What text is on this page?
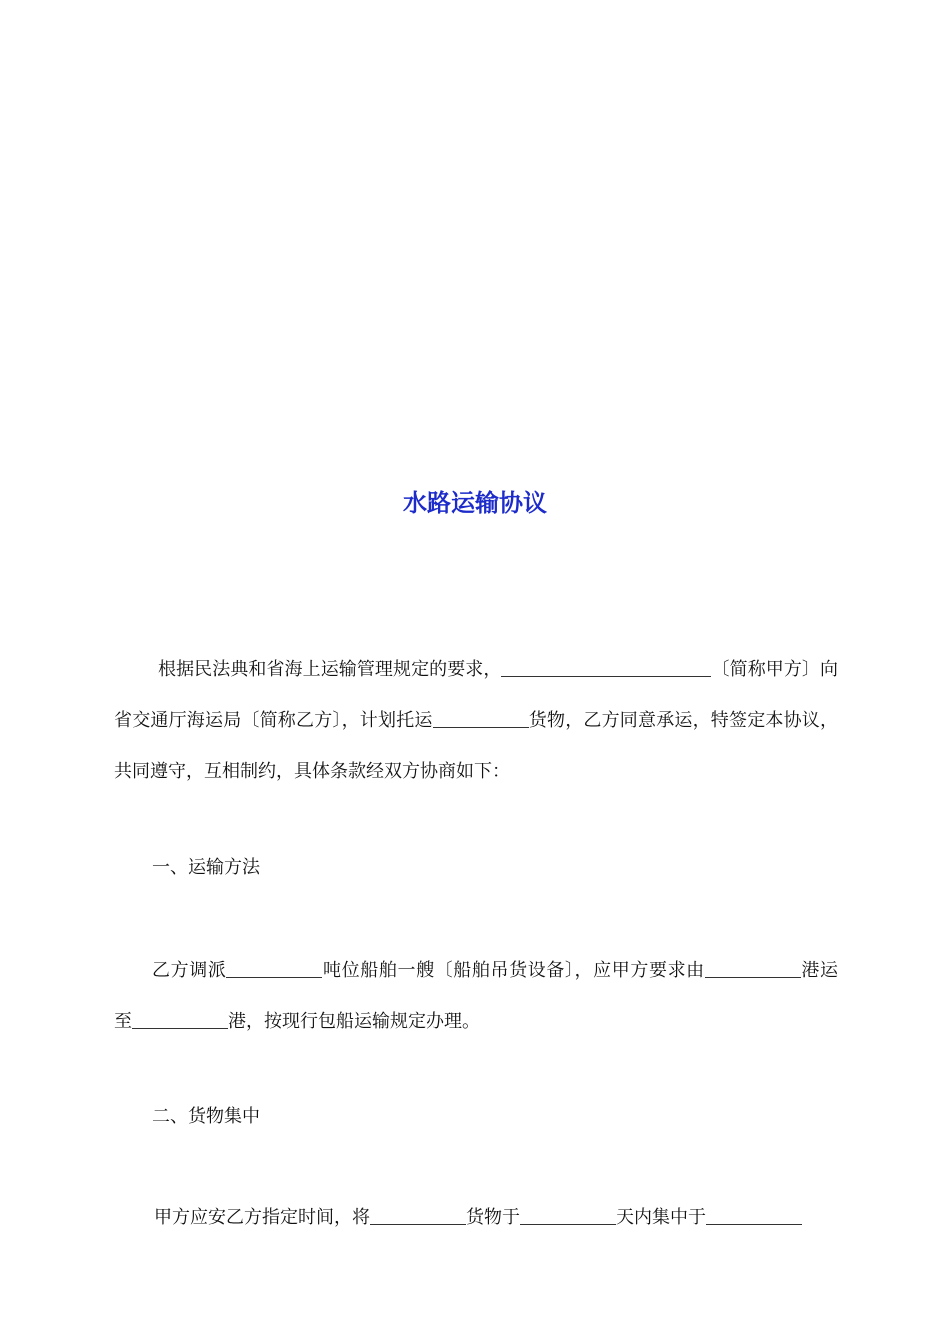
水路运输协议

根据民法典和省海上运输管理规定的要求，	〔简称甲方〕向省交通厅海运局〔简称乙方〕，计划托运	货物，乙方同意承运，特签定本协议，共同遵守，互相制约，具体条款经双方协商如下：

一、运输方法

乙方调派	吨位船舶一艘〔船舶吊货设备〕，应甲方要求由	港运至	港，按现行包船运输规定办理。

二、货物集中

甲方应安乙方指定时间，将	货物于	天内集中于
